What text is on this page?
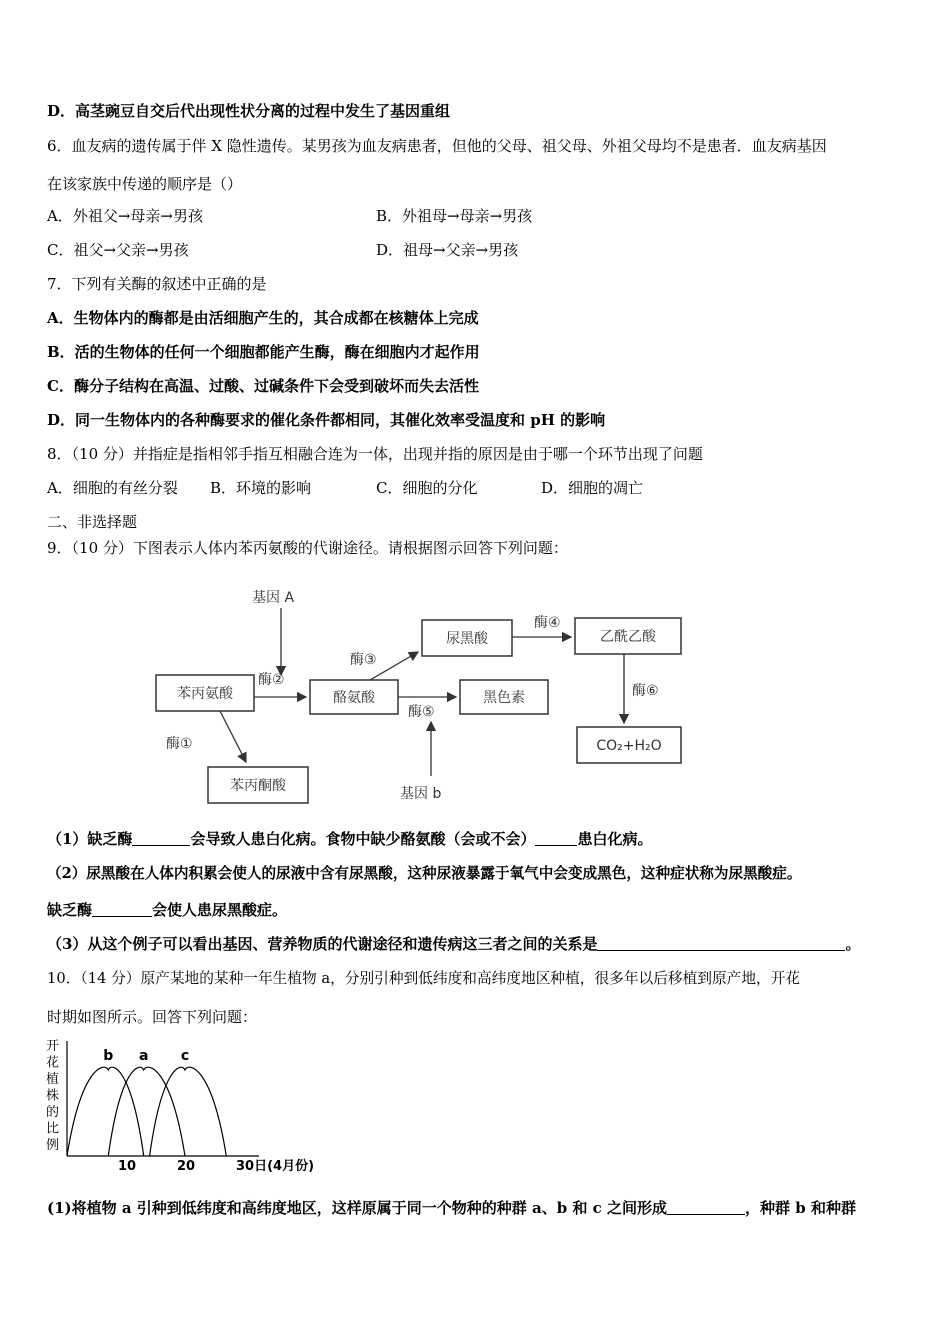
D．高茎豌豆自交后代出现性状分离的过程中发生了基因重组
6．血友病的遗传属于伴 X 隐性遗传。某男孩为血友病患者，但他的父母、祖父母、外祖父母均不是患者．血友病基因
在该家族中传递的顺序是（）
A．外祖父→母亲→男孩	B．外祖母→母亲→男孩
C．祖父→父亲→男孩	D．祖母→父亲→男孩
7．下列有关酶的叙述中正确的是
A．生物体内的酶都是由活细胞产生的，其合成都在核糖体上完成
B．活的生物体的任何一个细胞都能产生酶，酶在细胞内才起作用
C．酶分子结构在高温、过酸、过碱条件下会受到破坏而失去活性
D．同一生物体内的各种酶要求的催化条件都相同，其催化效率受温度和 pH 的影响
8．（10 分）并指症是指相邻手指互相融合连为一体，出现并指的原因是由于哪一个环节出现了问题
A．细胞的有丝分裂 B．环境的影响	C．细胞的分化	D．细胞的凋亡
二、非选择题
9．（10 分）下图表示人体内苯丙氨酸的代谢途径。请根据图示回答下列问题：
苯丙氨酸	酪氨酸
苯丙酮酸
尿黑酸
黑色素
乙酰乙酸
CO₂+H₂O
基因 A
基因 b
酶②
酶①
酶③
酶⑤
酶④
酶⑥
（1）缺乏酶	会导致人患白化病。食物中缺少酪氨酸（会或不会）	患白化病。
（2）尿黑酸在人体内积累会使人的尿液中含有尿黑酸，这种尿液暴露于氧气中会变成黑色，这种症状称为尿黑酸症。
缺乏酶	会使人患尿黑酸症。
（3）从这个例子可以看出基因、营养物质的代谢途径和遗传病这三者之间的关系是	。
10．（14 分）原产某地的某种一年生植物 a，分别引种到低纬度和高纬度地区种植，很多年以后移植到原产地，开花
时期如图所示。回答下列问题：
开花植株的比例
b a c
10	20	30日(4月份)
(1)将植物 a 引种到低纬度和高纬度地区，这样原属于同一个物种的种群 a、b 和 c 之间形成	，种群 b 和种群
